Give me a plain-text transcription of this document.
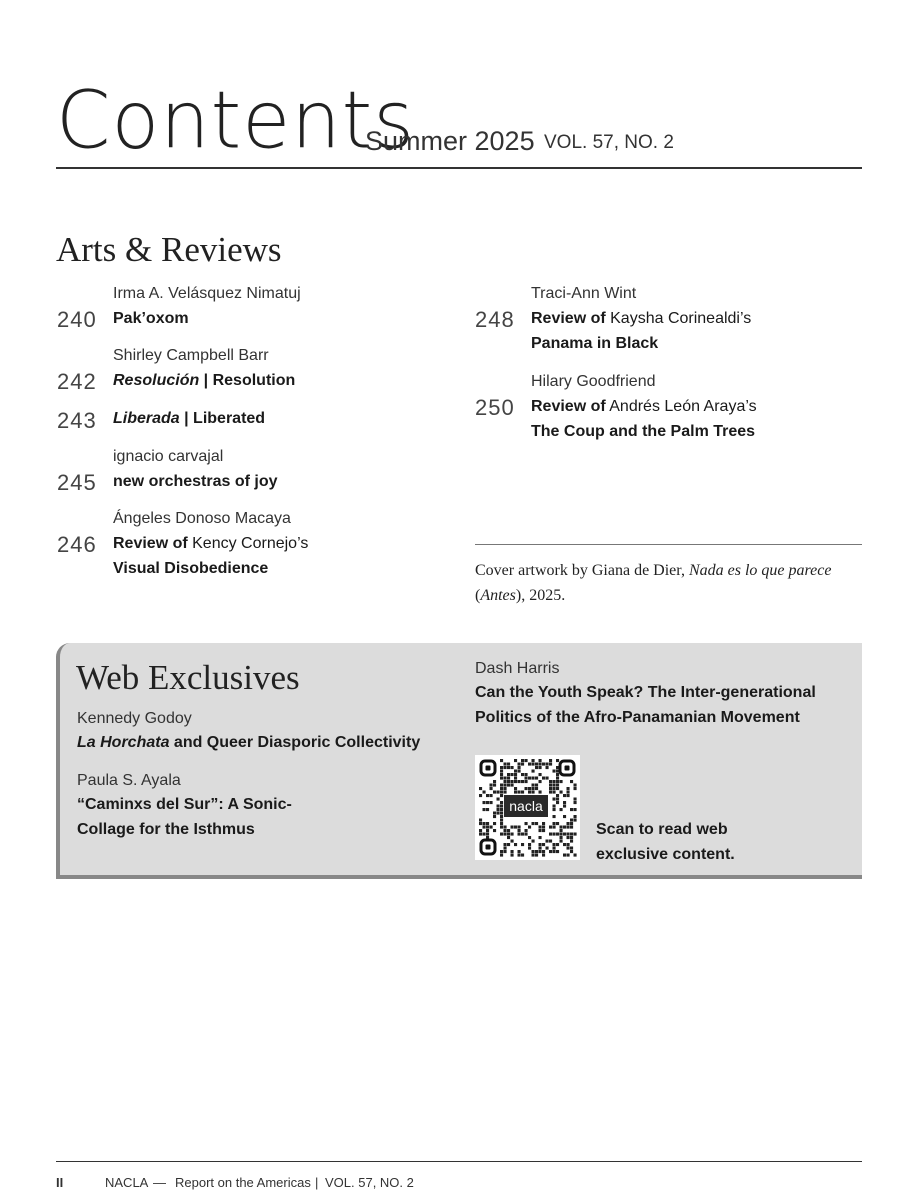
Contents
Summer 2025 VOL. 57, NO. 2
Arts & Reviews
Irma A. Velásquez Nimatuj
240 Pak’oxom
Shirley Campbell Barr
242 Resolución | Resolution
243 Liberada | Liberated
ignacio carvajal
245 new orchestras of joy
Ángeles Donoso Macaya
246 Review of Kency Cornejo’s
Visual Disobedience
Traci-Ann Wint
248 Review of Kaysha Corinealdi’s
Panama in Black
Hilary Goodfriend
250 Review of Andrés León Araya’s
The Coup and the Palm Trees
Cover artwork by Giana de Dier, Nada es lo que parece
(Antes), 2025.
Web Exclusives
Kennedy Godoy
La Horchata and Queer Diasporic Collectivity
Paula S. Ayala
“Caminxs del Sur”: A Sonic-
Collage for the Isthmus
Dash Harris
Can the Youth Speak? The Inter-generational
Politics of the Afro-Panamanian Movement
nacla
Scan to read web
exclusive content.
II	NACLA — Report on the Americas | VOL. 57, NO. 2
